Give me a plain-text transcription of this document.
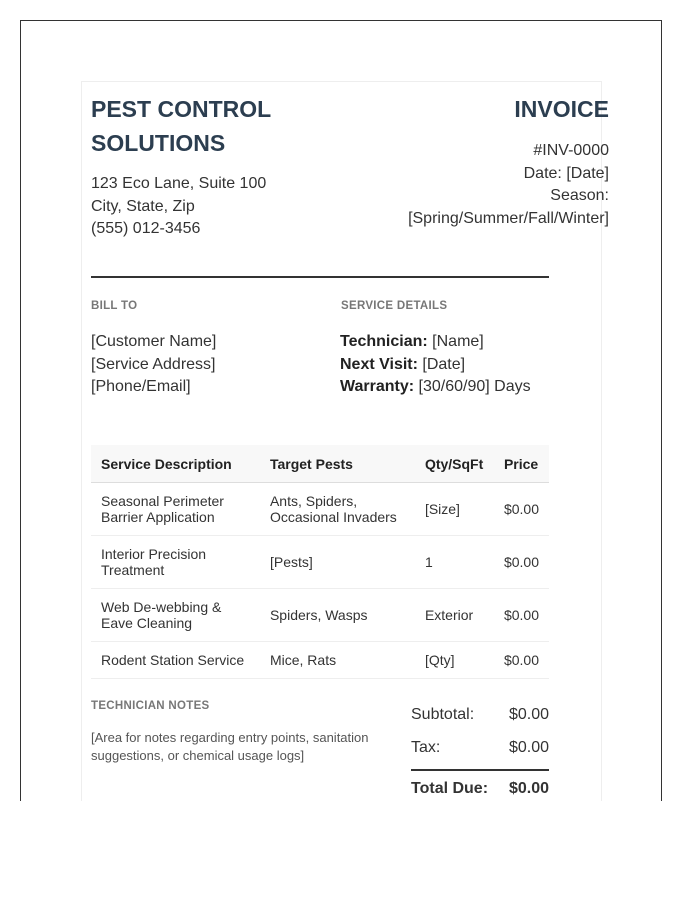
PEST CONTROL SOLUTIONS
123 Eco Lane, Suite 100
City, State, Zip
(555) 012-3456
INVOICE
#INV-0000
Date: [Date]
Season:
[Spring/Summer/Fall/Winter]
BILL TO	SERVICE DETAILS
[Customer Name]
[Service Address]
[Phone/Email]
Technician: [Name]
Next Visit: [Date]
Warranty: [30/60/90] Days
Service Description	Target Pests	Qty/SqFt	Price
Seasonal Perimeter Barrier Application	Ants, Spiders, Occasional Invaders	[Size]	$0.00
Interior Precision Treatment	[Pests]	1	$0.00
Web De-webbing & Eave Cleaning	Spiders, Wasps	Exterior	$0.00
Rodent Station Service	Mice, Rats	[Qty]	$0.00
TECHNICIAN NOTES
[Area for notes regarding entry points, sanitation suggestions, or chemical usage logs]
Subtotal: $0.00
Tax:	$0.00
Total Due: $0.00
